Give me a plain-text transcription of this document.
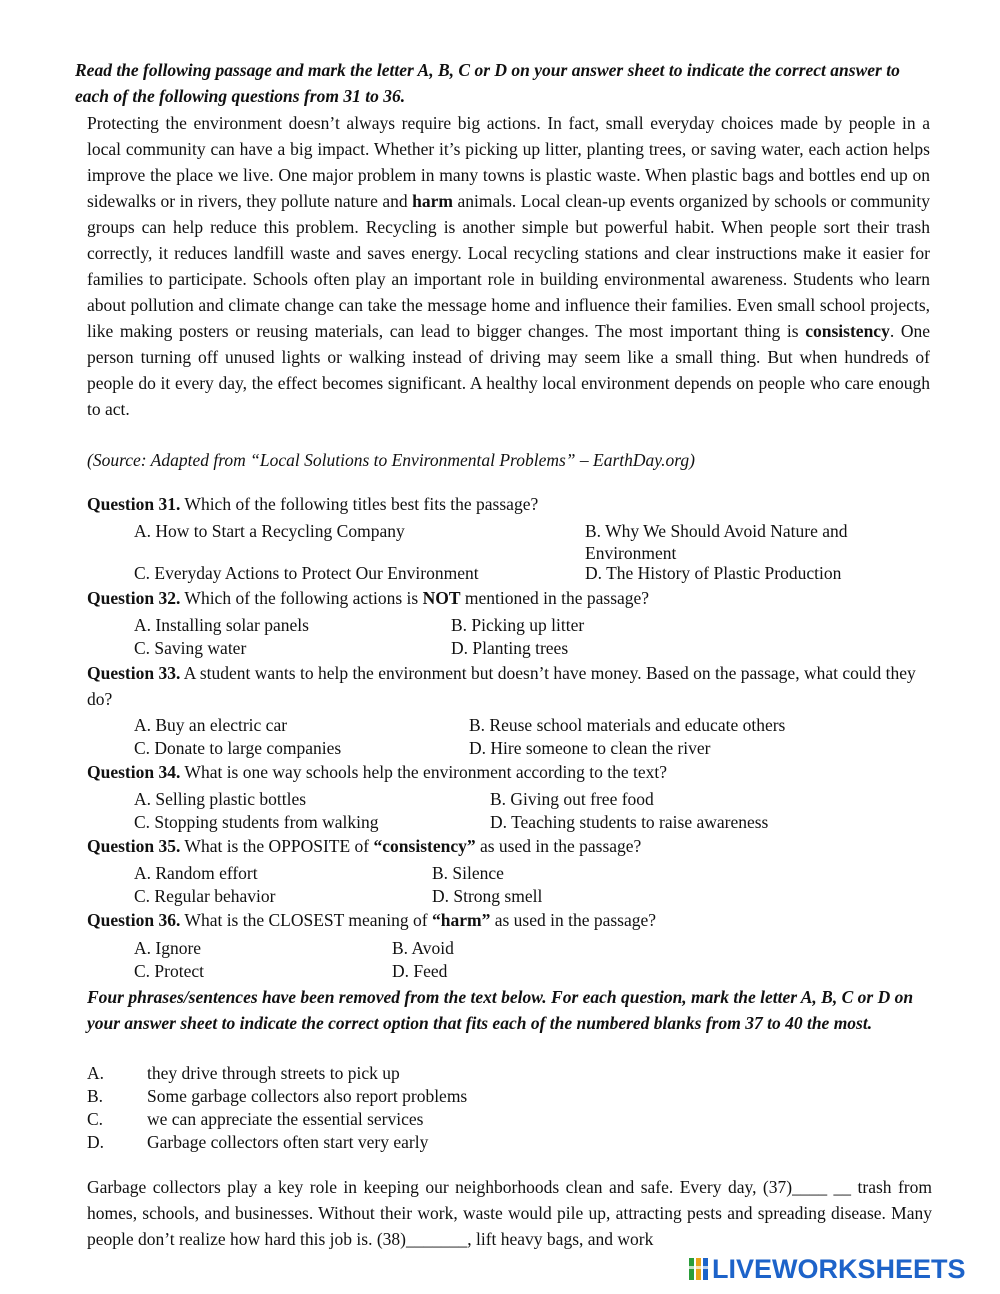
Read the following passage and mark the letter A, B, C or D on your answer sheet to indicate the correct answer to each of the following questions from 31 to 36.

Protecting the environment doesn’t always require big actions. In fact, small everyday choices made by people in a local community can have a big impact. Whether it’s picking up litter, planting trees, or saving water, each action helps improve the place we live. One major problem in many towns is plastic waste. When plastic bags and bottles end up on sidewalks or in rivers, they pollute nature and harm animals. Local clean-up events organized by schools or community groups can help reduce this problem. Recycling is another simple but powerful habit. When people sort their trash correctly, it reduces landfill waste and saves energy. Local recycling stations and clear instructions make it easier for families to participate. Schools often play an important role in building environmental awareness. Students who learn about pollution and climate change can take the message home and influence their families. Even small school projects, like making posters or reusing materials, can lead to bigger changes. The most important thing is consistency. One person turning off unused lights or walking instead of driving may seem like a small thing. But when hundreds of people do it every day, the effect becomes significant. A healthy local environment depends on people who care enough to act.

(Source: Adapted from “Local Solutions to Environmental Problems” – EarthDay.org)

Question 31. Which of the following titles best fits the passage?

A. How to Start a Recycling Company	B. Why We Should Avoid Nature and Environment

C. Everyday Actions to Protect Our Environment	D. The History of Plastic Production

Question 32. Which of the following actions is NOT mentioned in the passage?

A. Installing solar panels	B. Picking up litter

C. Saving water	D. Planting trees

Question 33. A student wants to help the environment but doesn’t have money. Based on the passage, what could they do?

A. Buy an electric car	B. Reuse school materials and educate others

C. Donate to large companies	D. Hire someone to clean the river

Question 34. What is one way schools help the environment according to the text?

A. Selling plastic bottles	B. Giving out free food

C. Stopping students from walking	D. Teaching students to raise awareness

Question 35. What is the OPPOSITE of “consistency” as used in the passage?

A. Random effort	B. Silence

C. Regular behavior	D. Strong smell

Question 36. What is the CLOSEST meaning of “harm” as used in the passage?

A. Ignore	B. Avoid

C. Protect	D. Feed

Four phrases/sentences have been removed from the text below. For each question, mark the letter A, B, C or D on your answer sheet to indicate the correct option that fits each of the numbered blanks from 37 to 40 the most.

A. they drive through streets to pick up
B.	Some garbage collectors also report problems
C.	we can appreciate the essential services
D. Garbage collectors often start very early

Garbage collectors play a key role in keeping our neighborhoods clean and safe. Every day, (37)____ __ trash from homes, schools, and businesses. Without their work, waste would pile up, attracting pests and spreading disease. Many people don’t realize how hard this job is. (38)_______, lift heavy bags, and work

LIVEWORKSHEETS
